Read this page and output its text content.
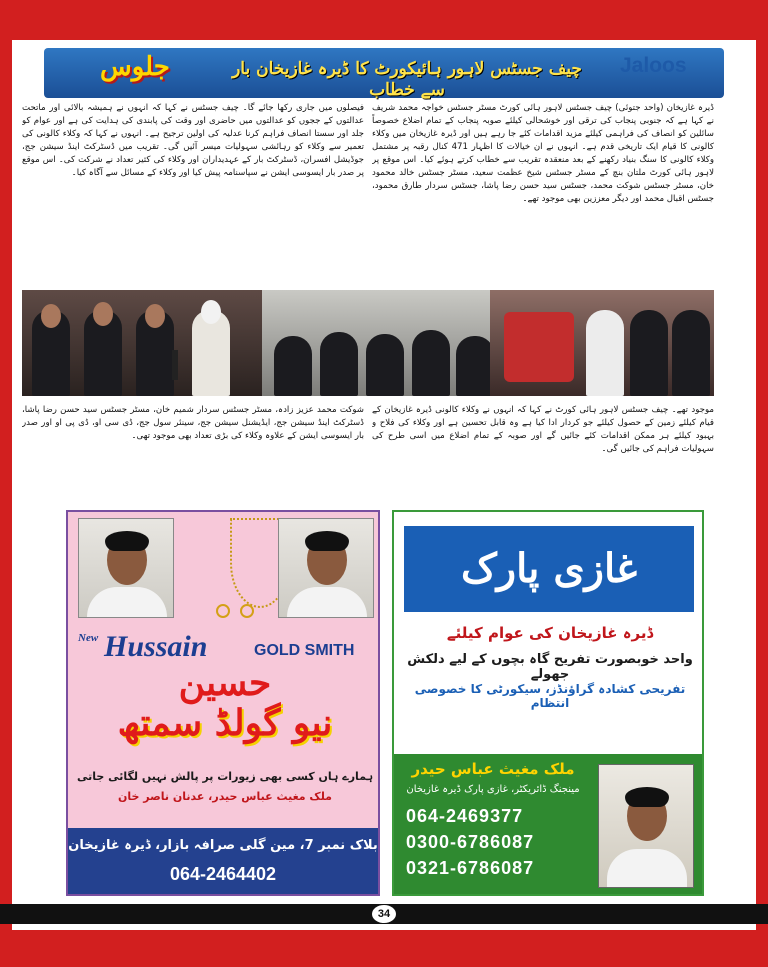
جلوس	چیف جسٹس لاہور ہائیکورٹ کا ڈیرہ غازیخان بار سے خطاب
Jaloos
ڈیرہ غازیخان (واحد جتوئی) چیف جسٹس لاہور ہائی کورٹ مسٹر جسٹس خواجہ محمد شریف نے کہا ہے کہ جنوبی پنجاب کی ترقی اور خوشحالی کیلئے صوبہ پنجاب کے تمام اضلاع خصوصاً سائلین کو انصاف کی فراہمی کیلئے مزید اقدامات کئے جا رہے ہیں اور ڈیرہ غازیخان میں وکلاء کالونی کا قیام ایک تاریخی قدم ہے۔ انہوں نے ان خیالات کا اظہار 471 کنال رقبہ پر مشتمل وکلاء کالونی کا سنگ بنیاد رکھنے کے بعد منعقدہ تقریب سے خطاب کرتے ہوئے کیا۔ اس موقع پر لاہور ہائی کورٹ ملتان بنچ کے مسٹر جسٹس شیخ عظمت سعید، مسٹر جسٹس خالد محمود خان، مسٹر جسٹس شوکت محمد، جسٹس سید حسن رضا پاشا، جسٹس سردار طارق محمود، جسٹس اقبال محمد اور دیگر معززین بھی موجود تھے۔
فیصلوں میں جاری رکھا جائے گا۔ چیف جسٹس نے کہا کہ انہوں نے ہمیشہ بالائی اور ماتحت عدالتوں کے ججوں کو عدالتوں میں حاضری اور وقت کی پابندی کی ہدایت کی ہے اور عوام کو جلد اور سستا انصاف فراہم کرنا عدلیہ کی اولین ترجیح ہے۔ انہوں نے کہا کہ وکلاء کالونی کی تعمیر سے وکلاء کو رہائشی سہولیات میسر آئیں گی۔ تقریب میں ڈسٹرکٹ اینڈ سیشن جج، جوڈیشل افسران، ڈسٹرکٹ بار کے عہدیداران اور وکلاء کی کثیر تعداد نے شرکت کی۔ اس موقع پر صدر بار ایسوسی ایشن نے سپاسنامہ پیش کیا اور وکلاء کے مسائل سے آگاہ کیا۔
موجود تھے۔ چیف جسٹس لاہور ہائی کورٹ نے کہا کہ انہوں نے وکلاء کالونی ڈیرہ غازیخان کے قیام کیلئے زمین کے حصول کیلئے جو کردار ادا کیا ہے وہ قابل تحسین ہے اور وکلاء کی فلاح و بہبود کیلئے ہر ممکن اقدامات کئے جائیں گے اور صوبہ کے تمام اضلاع میں اسی طرح کی سہولیات فراہم کی جائیں گی۔
شوکت محمد عزیز زادہ، مسٹر جسٹس سردار شمیم خان، مسٹر جسٹس سید حسن رضا پاشا، ڈسٹرکٹ اینڈ سیشن جج، ایڈیشنل سیشن جج، سینئر سول جج، ڈی سی او، ڈی پی او اور صدر بار ایسوسی ایشن کے علاوہ وکلاء کی بڑی تعداد بھی موجود تھی۔
New Hussain	GOLD SMITH
حسین
نیو گولڈ سمتھ
ہمارے ہاں کسی بھی زیورات پر پالش نہیں لگائی جاتی
ملک مغیث عباس حیدر، عدنان ناصر خان
بلاک نمبر 7، مین گلی صرافہ بازار، ڈیرہ غازیخان
064-2464402
غازی پارک
ڈیرہ غازیخان کی عوام کیلئے
واحد خوبصورت تفریح گاہ بچوں کے لیے دلکش جھولے
تفریحی کشادہ گراؤنڈز، سیکورٹی کا خصوصی انتظام
ملک مغیث عباس حیدر
مینجنگ ڈائریکٹر، غازی پارک ڈیرہ غازیخان
064-2469377
0300-6786087
0321-6786087
34
